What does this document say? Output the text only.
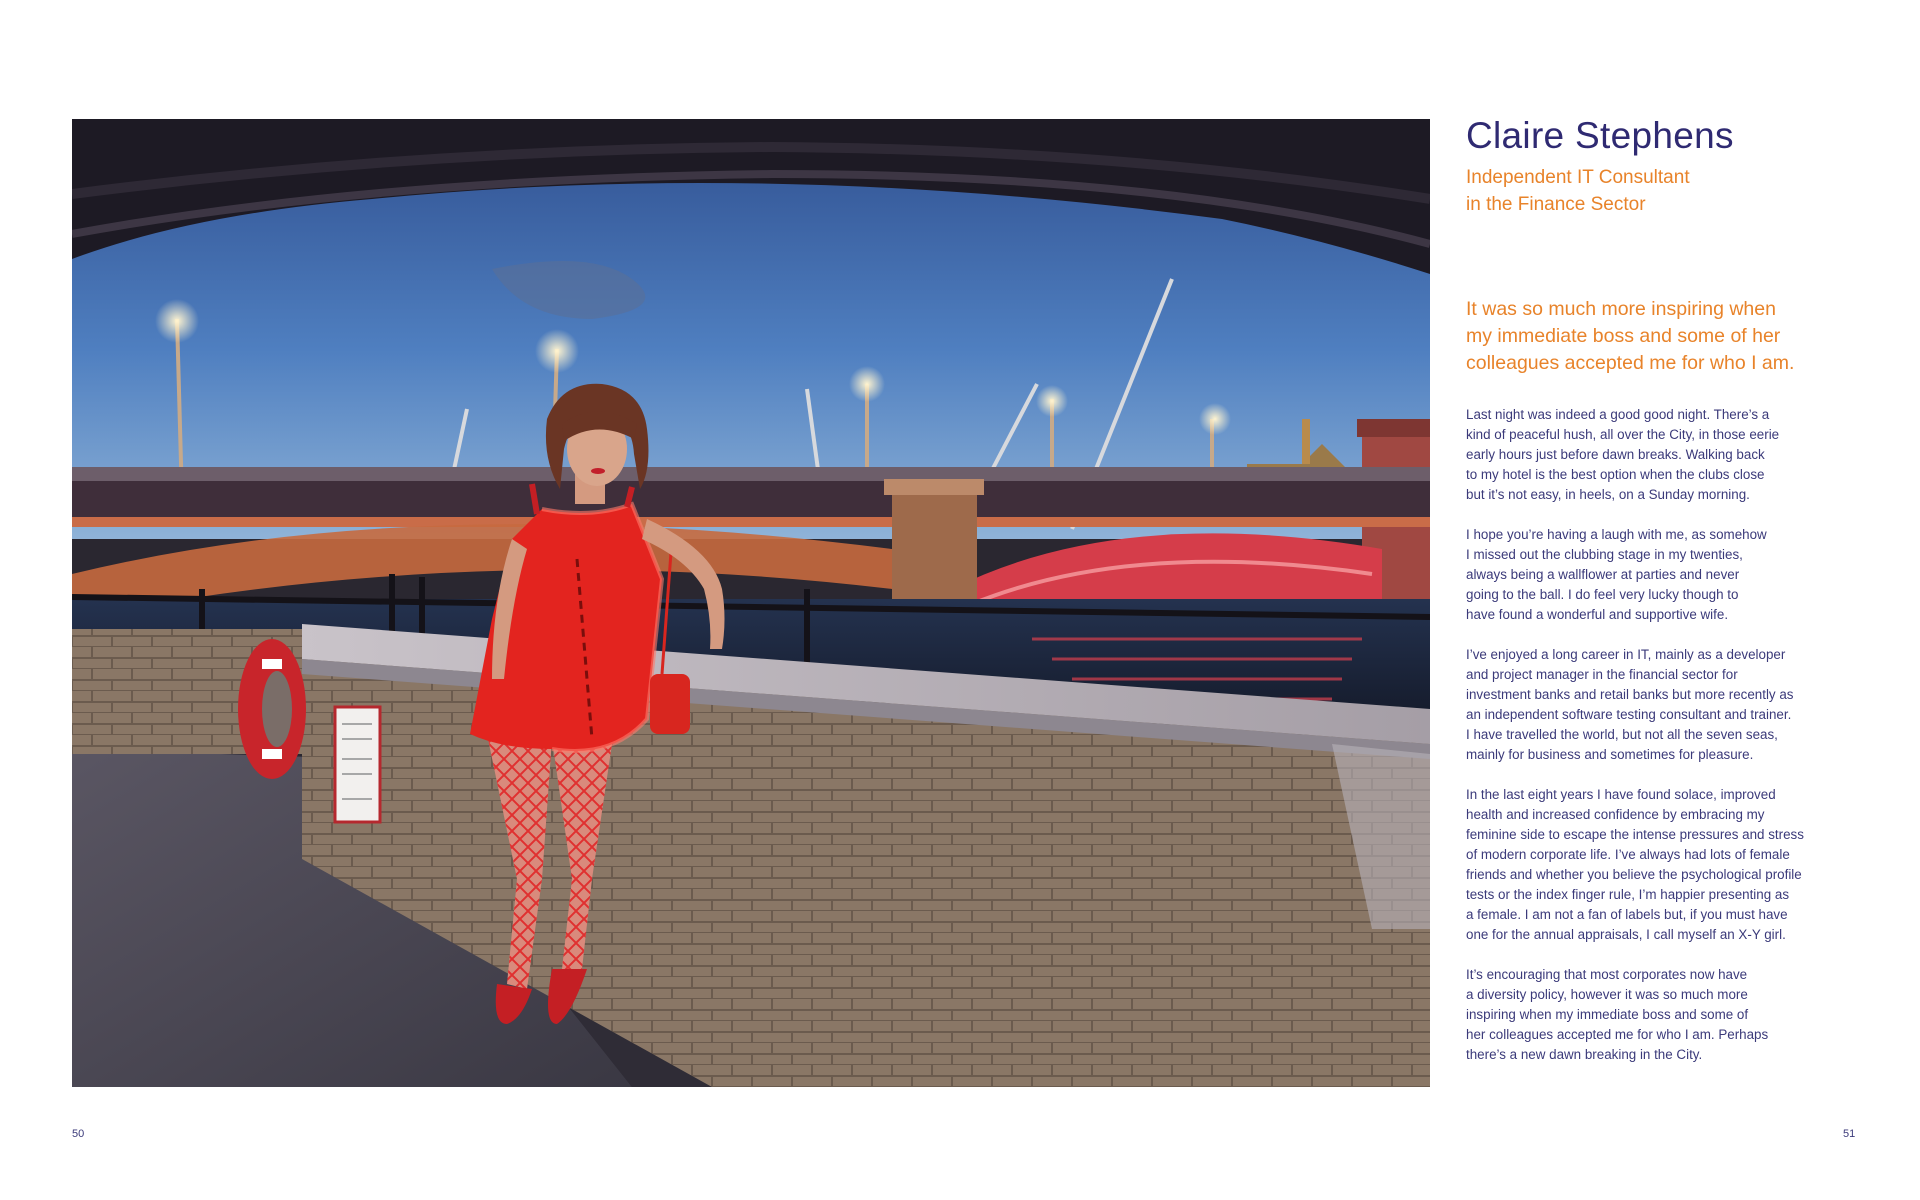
Claire Stephens
Independent IT Consultant
in the Finance Sector
It was so much more inspiring when
my immediate boss and some of her
colleagues accepted me for who I am.

Last night was indeed a good good night. There’s a
kind of peaceful hush, all over the City, in those eerie
early hours just before dawn breaks. Walking back
to my hotel is the best option when the clubs close
but it’s not easy, in heels, on a Sunday morning.

I hope you’re having a laugh with me, as somehow
I missed out the clubbing stage in my twenties,
always being a wallflower at parties and never
going to the ball. I do feel very lucky though to
have found a wonderful and supportive wife.

I’ve enjoyed a long career in IT, mainly as a developer
and project manager in the financial sector for
investment banks and retail banks but more recently as
an independent software testing consultant and trainer.
I have travelled the world, but not all the seven seas,
mainly for business and sometimes for pleasure.

In the last eight years I have found solace, improved
health and increased confidence by embracing my
feminine side to escape the intense pressures and stress
of modern corporate life. I’ve always had lots of female
friends and whether you believe the psychological profile
tests or the index finger rule, I’m happier presenting as
a female. I am not a fan of labels but, if you must have
one for the annual appraisals, I call myself an X-Y girl.

It’s encouraging that most corporates now have
a diversity policy, however it was so much more
inspiring when my immediate boss and some of
her colleagues accepted me for who I am. Perhaps
there’s a new dawn breaking in the City.

50	51
